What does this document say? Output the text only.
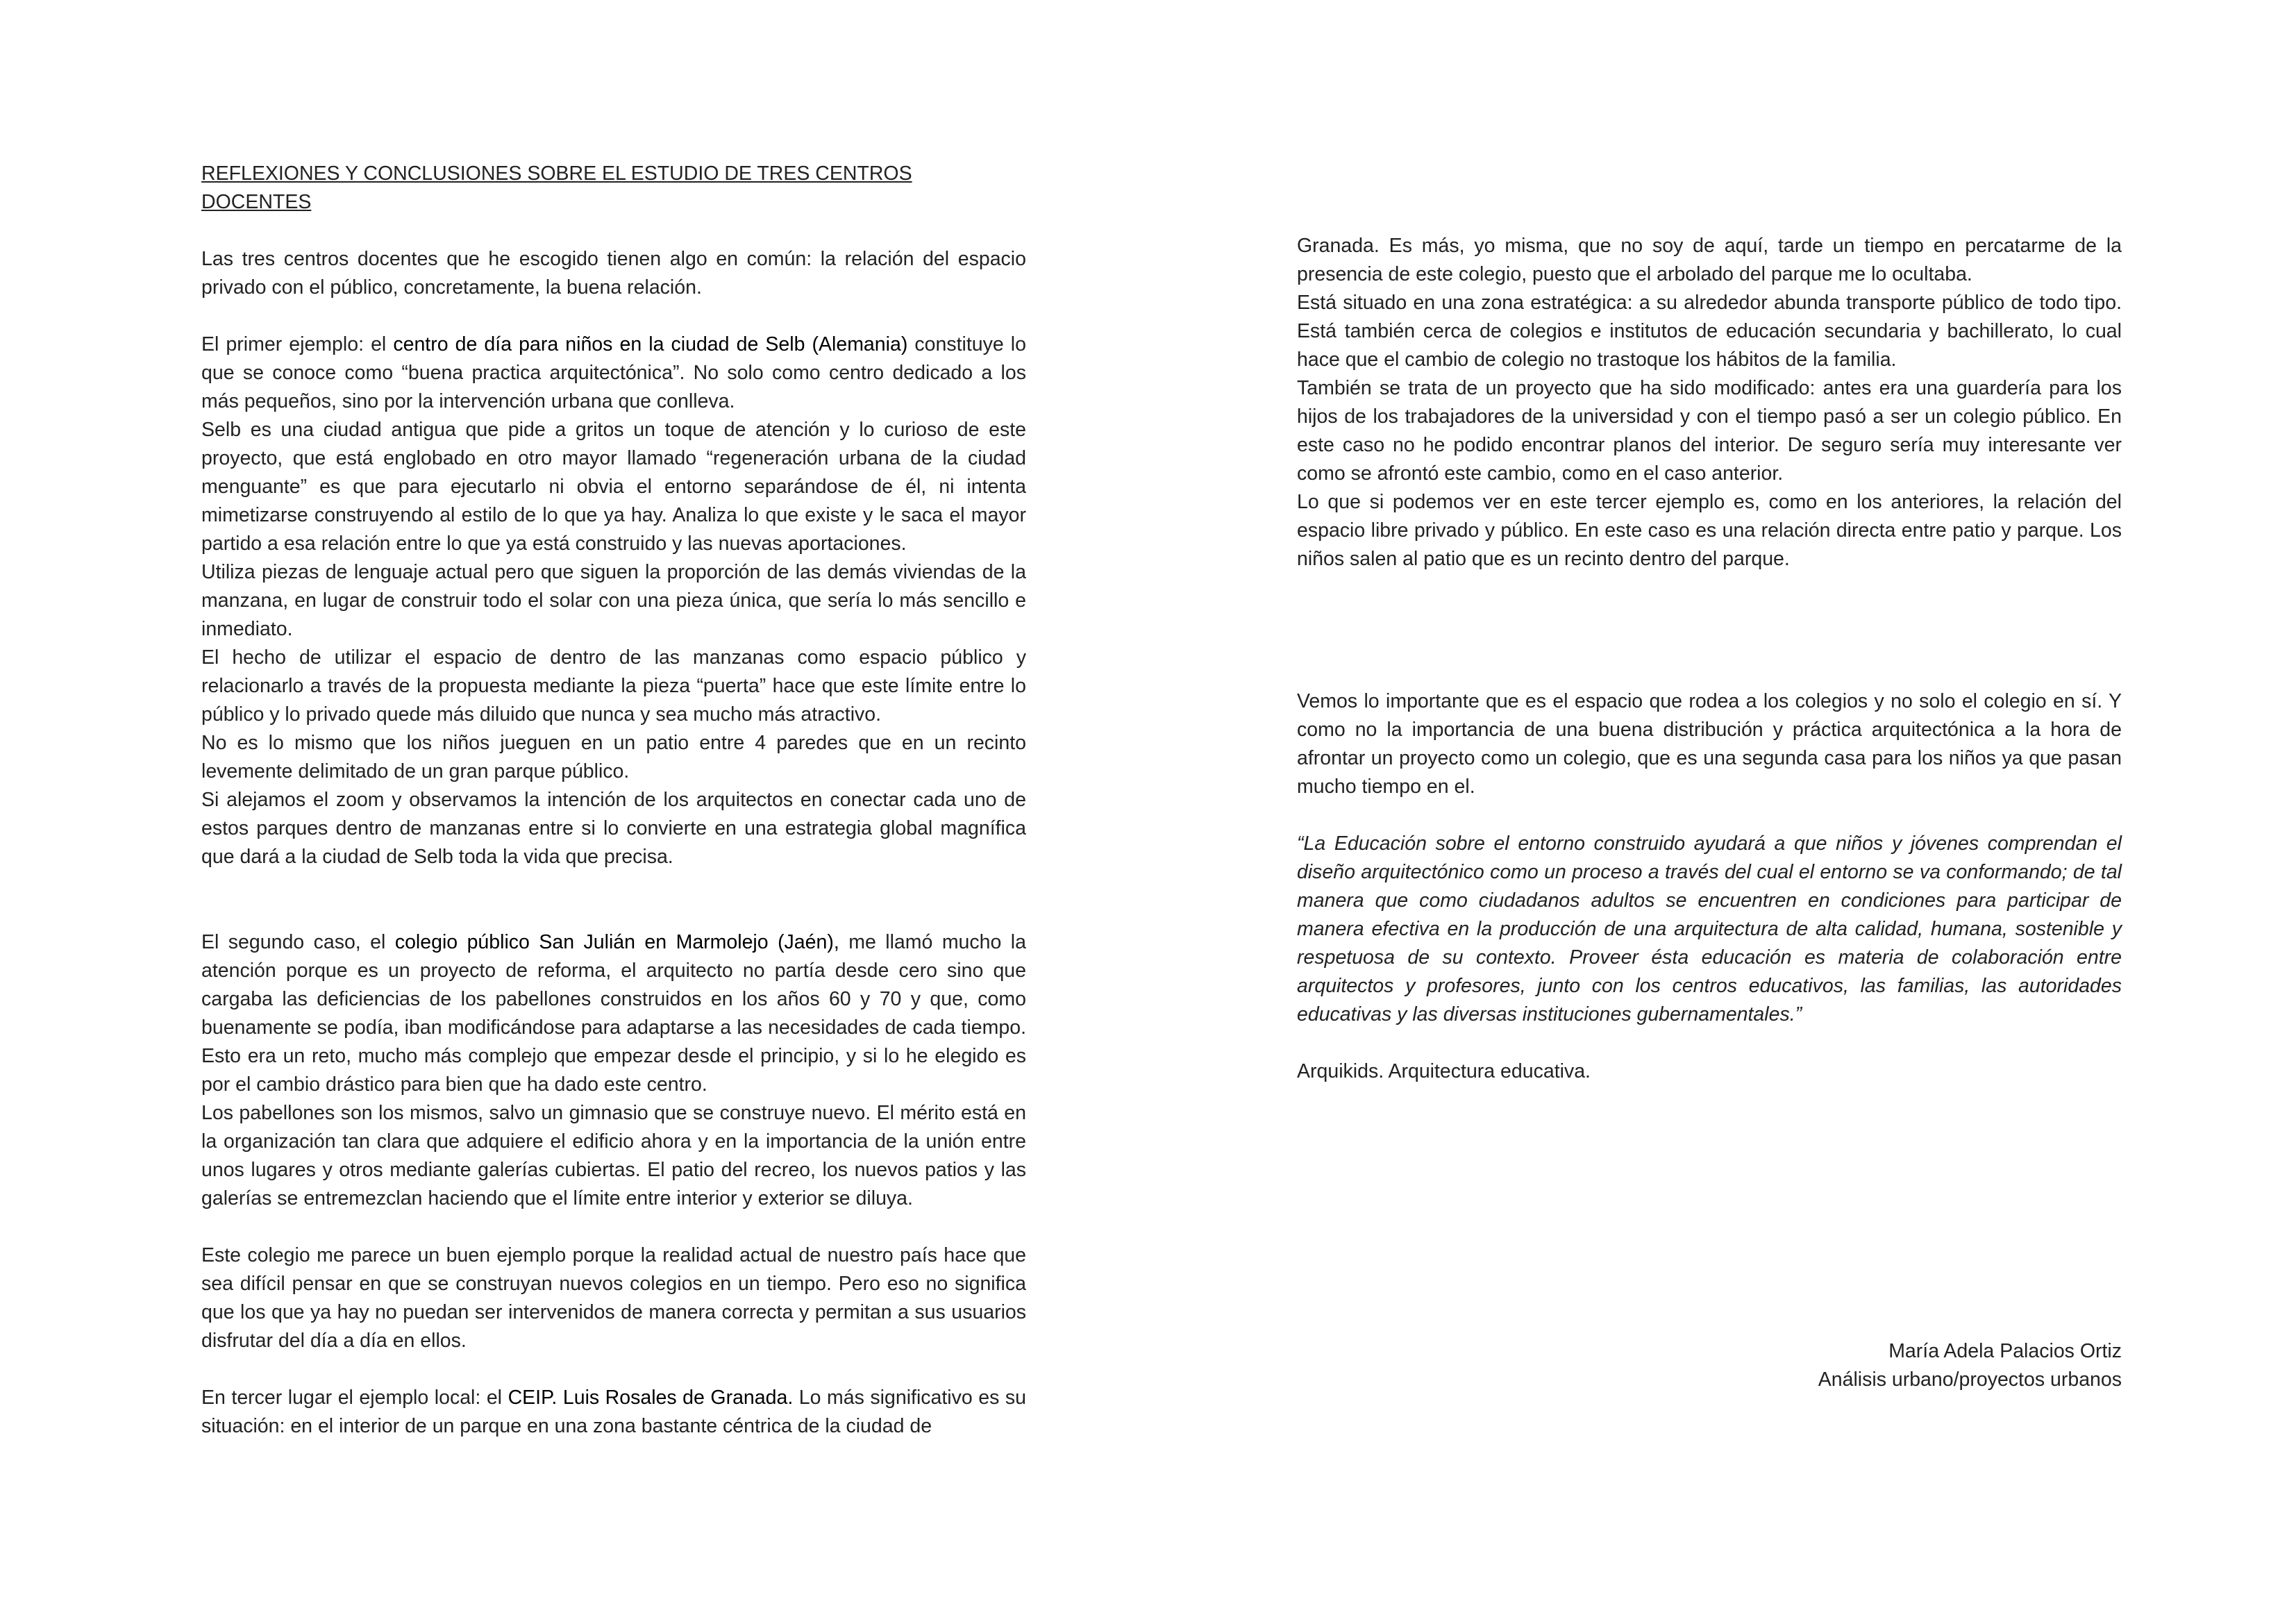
REFLEXIONES Y CONCLUSIONES SOBRE EL ESTUDIO DE TRES CENTROS DOCENTES

Las tres centros docentes que he escogido tienen algo en común: la relación del espacio privado con el público, concretamente, la buena relación.

El primer ejemplo: el centro de día para niños en la ciudad de Selb (Alemania) constituye lo que se conoce como “buena practica arquitectónica”. No solo como centro dedicado a los más pequeños, sino por la intervención urbana que conlleva.

Selb es una ciudad antigua que pide a gritos un toque de atención y lo curioso de este proyecto, que está englobado en otro mayor llamado “regeneración urbana de la ciudad menguante” es que para ejecutarlo ni obvia el entorno separándose de él, ni intenta mimetizarse construyendo al estilo de lo que ya hay. Analiza lo que existe y le saca el mayor partido a esa relación entre lo que ya está construido y las nuevas aportaciones.

Utiliza piezas de lenguaje actual pero que siguen la proporción de las demás viviendas de la manzana, en lugar de construir todo el solar con una pieza única, que sería lo más sencillo e inmediato.

El hecho de utilizar el espacio de dentro de las manzanas como espacio público y relacionarlo a través de la propuesta mediante la pieza “puerta” hace que este límite entre lo público y lo privado quede más diluido que nunca y sea mucho más atractivo.

No es lo mismo que los niños jueguen en un patio entre 4 paredes que en un recinto levemente delimitado de un gran parque público.

Si alejamos el zoom y observamos la intención de los arquitectos en conectar cada uno de estos parques dentro de manzanas entre si lo convierte en una estrategia global magnífica que dará a la ciudad de Selb toda la vida que precisa.

El segundo caso, el colegio público San Julián en Marmolejo (Jaén), me llamó mucho la atención porque es un proyecto de reforma, el arquitecto no partía desde cero sino que cargaba las deficiencias de los pabellones construidos en los años 60 y 70 y que, como buenamente se podía, iban modificándose para adaptarse a las necesidades de cada tiempo. Esto era un reto, mucho más complejo que empezar desde el principio, y si lo he elegido es por el cambio drástico para bien que ha dado este centro.

Los pabellones son los mismos, salvo un gimnasio que se construye nuevo. El mérito está en la organización tan clara que adquiere el edificio ahora y en la importancia de la unión entre unos lugares y otros mediante galerías cubiertas. El patio del recreo, los nuevos patios y las galerías se entremezclan haciendo que el límite entre interior y exterior se diluya.

Este colegio me parece un buen ejemplo porque la realidad actual de nuestro país hace que sea difícil pensar en que se construyan nuevos colegios en un tiempo. Pero eso no significa que los que ya hay no puedan ser intervenidos de manera correcta y permitan a sus usuarios disfrutar del día a día en ellos.

En tercer lugar el ejemplo local: el CEIP. Luis Rosales de Granada. Lo más significativo es su situación: en el interior de un parque en una zona bastante céntrica de la ciudad de

Granada. Es más, yo misma, que no soy de aquí, tarde un tiempo en percatarme de la presencia de este colegio, puesto que el arbolado del parque me lo ocultaba.

Está situado en una zona estratégica: a su alrededor abunda transporte público de todo tipo. Está también cerca de colegios e institutos de educación secundaria y bachillerato, lo cual hace que el cambio de colegio no trastoque los hábitos de la familia.

También se trata de un proyecto que ha sido modificado: antes era una guardería para los hijos de los trabajadores de la universidad y con el tiempo pasó a ser un colegio público. En este caso no he podido encontrar planos del interior. De seguro sería muy interesante ver como se afrontó este cambio, como en el caso anterior.

Lo que si podemos ver en este tercer ejemplo es, como en los anteriores, la relación del espacio libre privado y público. En este caso es una relación directa entre patio y parque. Los niños salen al patio que es un recinto dentro del parque.

Vemos lo importante que es el espacio que rodea a los colegios y no solo el colegio en sí. Y como no la importancia de una buena distribución y práctica arquitectónica a la hora de afrontar un proyecto como un colegio, que es una segunda casa para los niños ya que pasan mucho tiempo en el.

“La Educación sobre el entorno construido ayudará a que niños y jóvenes comprendan el diseño arquitectónico como un proceso a través del cual el entorno se va conformando; de tal manera que como ciudadanos adultos se encuentren en condiciones para participar de manera efectiva en la producción de una arquitectura de alta calidad, humana, sostenible y respetuosa de su contexto. Proveer ésta educación es materia de colaboración entre arquitectos y profesores, junto con los centros educativos, las familias, las autoridades educativas y las diversas instituciones gubernamentales.”

Arquikids. Arquitectura educativa.

María Adela Palacios Ortiz
Análisis urbano/proyectos urbanos
